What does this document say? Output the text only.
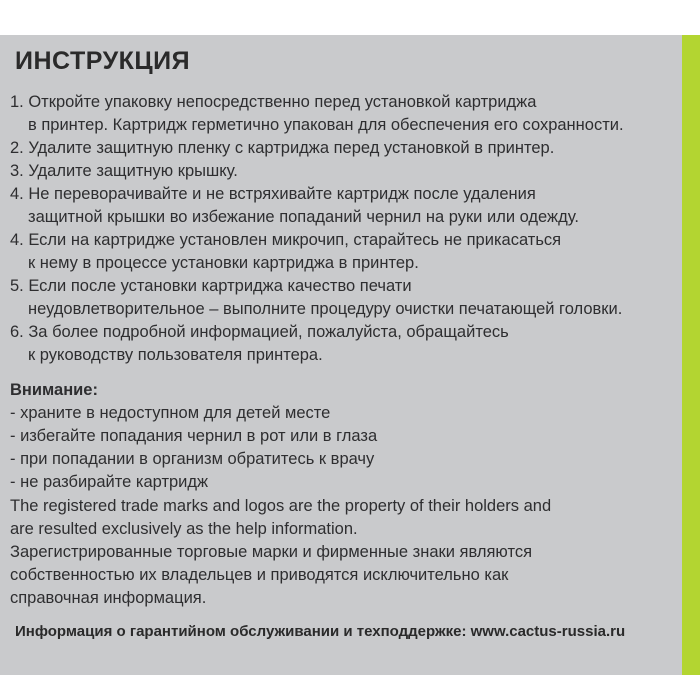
ИНСТРУКЦИЯ
1. Откройте упаковку непосредственно перед установкой картриджа
в принтер. Картридж герметично упакован для обеспечения его сохранности.
2. Удалите защитную пленку с картриджа перед установкой в принтер.
3. Удалите защитную крышку.
4. Не переворачивайте и не встряхивайте картридж после удаления
защитной крышки во избежание попаданий чернил на руки или одежду.
4. Если на картридже установлен микрочип, старайтесь не прикасаться
к нему в процессе установки картриджа в принтер.
5. Если после установки картриджа качество печати
неудовлетворительное – выполните процедуру очистки печатающей головки.
6. За более подробной информацией, пожалуйста, обращайтесь
к руководству пользователя принтера.
Внимание:
- храните в недоступном для детей месте
- избегайте попадания чернил в рот или в глаза
- при попадании в организм обратитесь к врачу
- не разбирайте картридж
The registered trade marks and logos are the property of their holders and
are resulted exclusively as the help information.
Зарегистрированные торговые марки и фирменные знаки являются
собственностью их владельцев и приводятся исключительно как
справочная информация.
Информация о гарантийном обслуживании и техподдержке: www.cactus-russia.ru
